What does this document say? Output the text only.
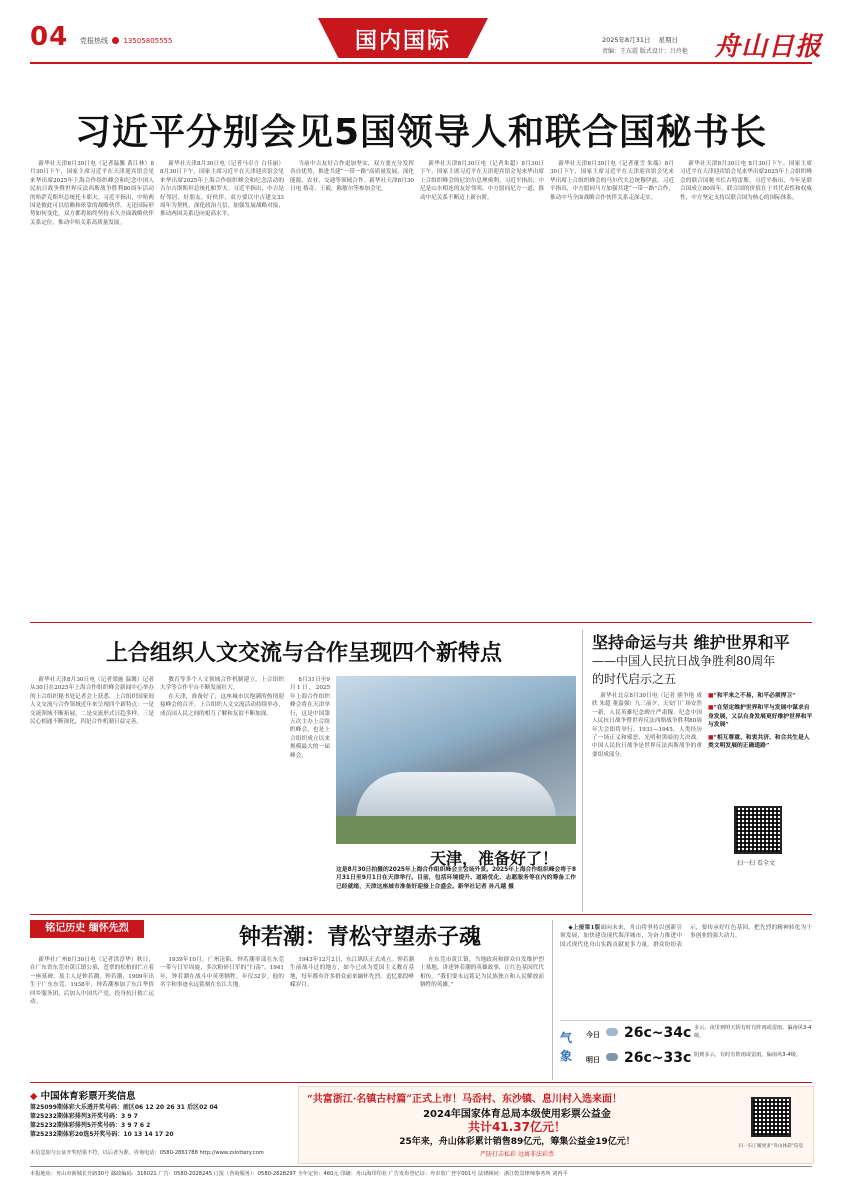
04 党报热线 13505805555	国内国际	2025年8月31日 星期日
责编：王东霞 版式设计：吕玲艳 舟山日报
习近平分别会见5国领导人和联合国秘书长

新华社天津8月30日电（记者温馨 黄江林）8月30日下午，国家主席习近平在天津迎宾馆会见来华出席2025年上海合作组织峰会和纪念中国人民抗日战争暨世界反法西斯战争胜利80周年活动的哈萨克斯坦总统托卡耶夫。习近平指出，中哈两国是彼此可以信赖和依靠的战略伙伴。无论国际形势如何变化，双方都将始终坚持永久全面战略伙伴关系定位，推动中哈关系高质量发展。

新华社天津8月30日电（记者马卓言 白佳丽）8月30日下午，国家主席习近平在天津迎宾馆会见来华出席2025年上海合作组织峰会和纪念活动的吉尔吉斯斯坦总统扎帕罗夫。习近平指出，中吉是好邻居、好朋友、好伙伴，双方要以中吉建交33周年为契机，深化政治互信，加强发展战略对接，推动两国关系迈向更高水平。

当前中吉友好合作更加坚实，双方要充分发挥各自优势，推进共建“一带一路”高质量发展，深化能源、农业、交通等领域合作。新华社天津8月30日电 蔡奇、王毅、陈敏尔等参加会见。

新华社天津8月30日电（记者朱超）8月30日下午，国家主席习近平在天津迎宾馆会见来华出席上合组织峰会的尼泊尔总理奥利。习近平指出，中尼是山水相连的友好邻邦，中方愿同尼方一道，推动中尼关系不断迈上新台阶。

新华社天津8月30日电（记者董雪 朱瑞）8月30日下午，国家主席习近平在天津迎宾馆会见来华出席上合组织峰会的马尔代夫总统穆伊兹。习近平指出，中方愿同马方加强共建“一带一路”合作，推动中马全面战略合作伙伴关系走深走实。

新华社天津8月30日电 8月30日下午，国家主席习近平在天津迎宾馆会见来华出席2025年上合组织峰会的联合国秘书长古特雷斯。习近平指出，今年是联合国成立80周年。联合国的价值在于其代表性和权威性，中方坚定支持以联合国为核心的国际体系。

上合组织人文交流与合作呈现四个新特点

新华社天津8月30日电（记者梁施 温馨）记者从30日在2025年上海合作组织峰会新闻中心举办的上合组织秘书处记者会上获悉，上合组织国家间人文交流与合作领域近年来呈现四个新特点：一是交流领域不断拓展，二是交流形式日趋多样，三是民心相通不断深化，四是合作机制日益完善。

教育等多个人文领域合作机制建立。上合组织大学等合作平台不断发展壮大。

在天津，准备好了，这座城市以饱满的热情迎接峰会的召开。上合组织人文交流活动持续举办，成员国人民之间的相互了解和友谊不断加深。

8月31日至9月1日，2025年上海合作组织峰会将在天津举行，这是中国第五次主办上合组织峰会，也是上合组织成立以来规模最大的一届峰会。

天津，准备好了！
这是8月30日拍摄的2025年上海合作组织峰会主会场外景。2025年上海合作组织峰会将于8月31日至9月1日在天津举行。目前，包括环境提升、道路优化、志愿服务等在内的筹备工作已经就绪，天津这座城市准备好迎接上合盛会。新华社记者 孙凡越 摄
坚持命运与共 维护世界和平
——中国人民抗日战争胜利80周年
的时代启示之五

新华社北京8月30日电（记者 熊争艳 成欣 朱超 董嘉强）九三前夕，天安门广场安然一新，人民英雄纪念碑庄严肃穆。纪念中国人民抗日战争暨世界反法西斯战争胜利80周年大会即将举行。1931—1945，人类经历了一场正义和邪恶、光明和黑暗的大决战。中国人民抗日战争是世界反法西斯战争的重要组成部分。

■“和平来之不易，和平必须捍卫”

■“在坚定维护世界和平与发展中谋求自身发展，又以自身发展更好维护世界和平与发展”

■“相互尊重、和衷共济、和合共生是人类文明发展的正确道路”

扫一扫 看全文
铭记历史 缅怀先烈	钟若潮：青松守望赤子魂

新华社广州8月30日电（记者洪淳华）秋日，在广东省东莞市黄江镇公墓，苍翠的松柏间伫立着一座墓碑，墓主人是钟若潮。钟若潮，1909年出生于广东东莞。1938年，钟若潮参加了东江华侨回乡服务团，后加入中国共产党，投身抗日救亡运动。

1939年10月，广州沦陷。钟若潮率部在东莞一带与日军周旋，多次粉碎日军的“扫荡”。1941年，钟若潮在战斗中英勇牺牲，年仅32岁。他的名字和事迹永远铭刻在东江大地。

1943年12月2日，东江纵队正式成立。钟若潮生前战斗过的地方，如今已成为爱国主义教育基地，每年都有许多群众前来缅怀先烈，追忆那段峥嵘岁月。

在东莞市黄江镇，当地政府和群众自发维护烈士墓地，讲述钟若潮的英雄故事，让红色基因代代相传。“我们要永远铭记为民族独立和人民解放而牺牲的英雄。”

◆上接第1版面向未来，舟山将坚持以创新引领发展，加快建设现代海洋城市，为奋力推进中国式现代化舟山实践贡献更多力量。群众纷纷表示，要传承好红色基因，把先烈的精神转化为干事创业的强大动力。

气象
今日 26c~34c 多云。夜里到明天阴有时有阵雨或雷雨。偏南风3-4级。
明日 26c~33c 阴到多云，有时有阵雨或雷雨。偏南风3-4级。
◆ 中国体育彩票开奖信息
第25099期体彩大乐透开奖号码：前区06 12 20 26 31 后区02 04
第25232期体彩排列3开奖号码：3 9 7
第25232期体彩排列5开奖号码：3 9 7 6 2
第25232期体彩20选5开奖号码：10 13 14 17 20
本信息如与公证开奖结果不符，以后者为准。咨询电话：0580-2861788 http://www.zslottery.com
“共富浙江·名镇古村篇”正式上市！马岙村、东沙镇、息川村入选来面！
2024年国家体育总局本级使用彩票公益金
共计41.37亿元！
25年来，舟山体彩累计销售89亿元，筹集公益金19亿元！
严防打击私彩 远离非法彩票
扫一扫了解更多“舟山体彩”信息
本报地址：舟山市新城长升路30号 邮政编码：316021 广告：0580-2028245 订报（咨询服务）：0580-2828297 全年定价：460元 印刷：舟山海印印业 广告发布登记证：舟市监广登字001号 法律顾问：浙江乾景律师事务所 刘再平
